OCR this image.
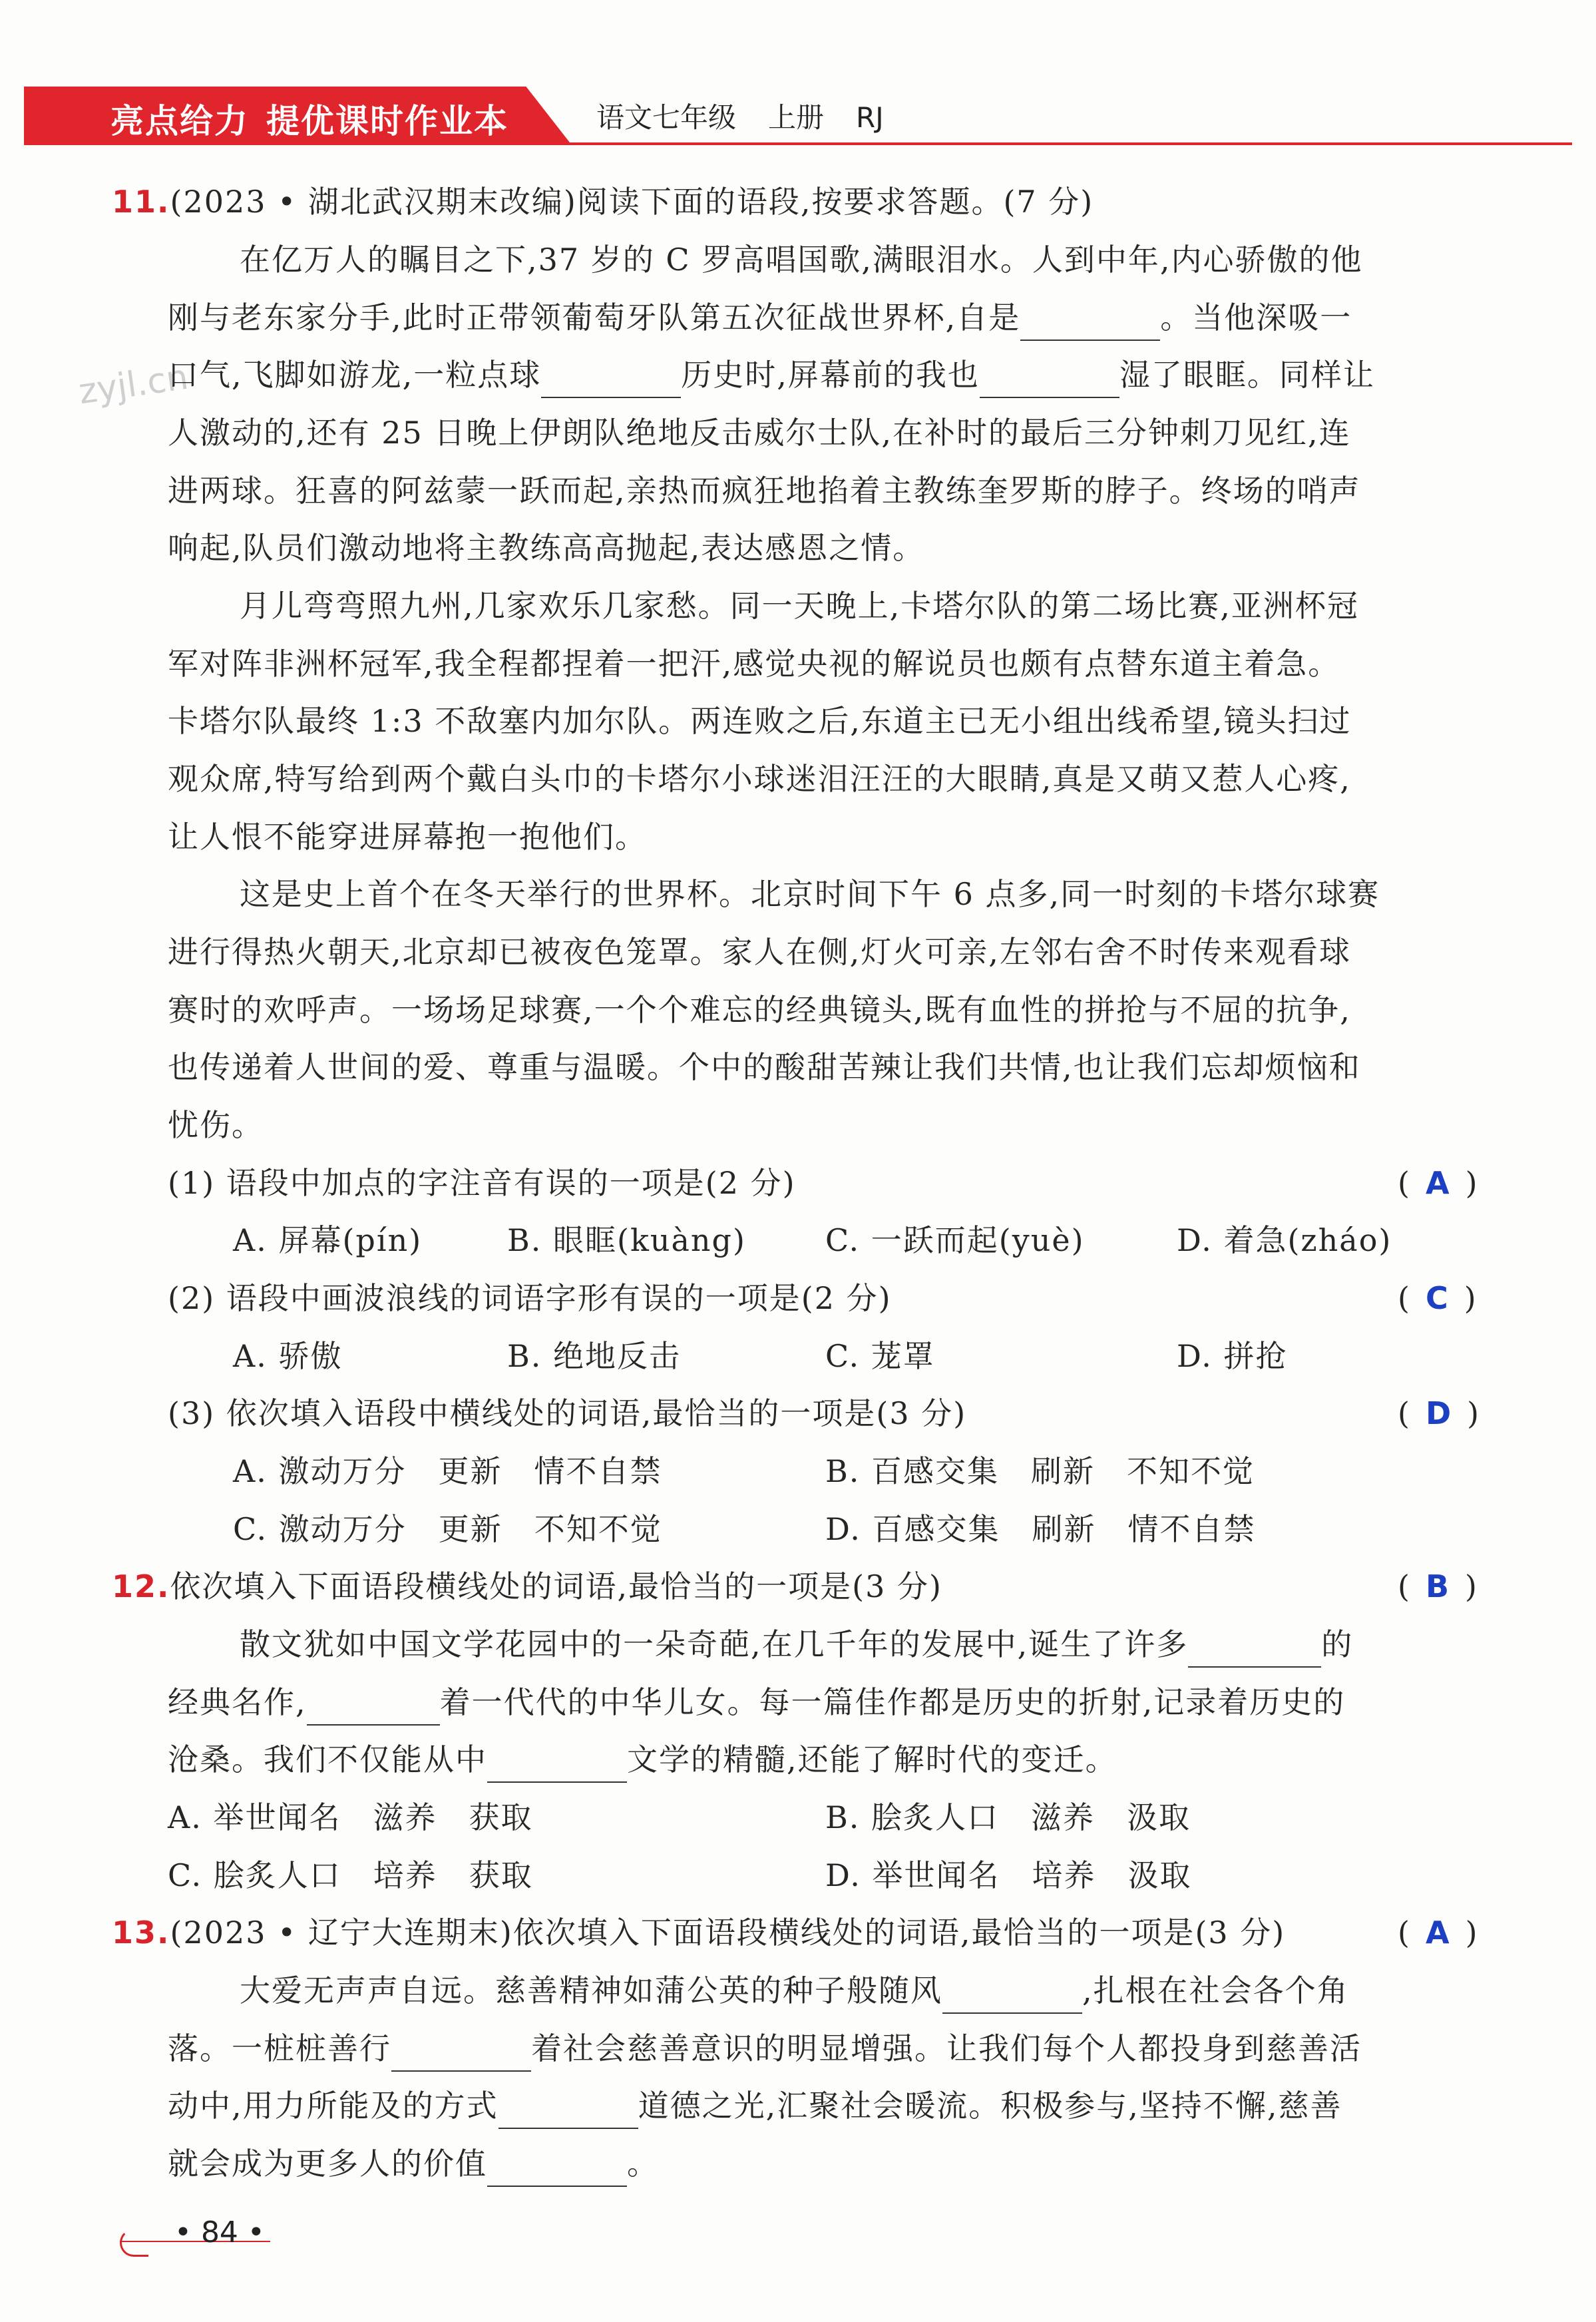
亮点给力 提优课时作业本	语文七年级 上册 RJ
zyjl.cn
11.(2023 • 湖北武汉期末改编)阅读下面的语段,按要求答题。(7 分)
在亿万人的瞩目之下,37 岁的 C 罗高唱国歌,满眼泪水。人到中年,内心骄傲的他
刚与老东家分手,此时正带领葡萄牙队第五次征战世界杯,自是	。当他深吸一
口气,飞脚如游龙,一粒点球	历史时,屏幕前的我也	湿了眼眶。同样让
人激动的,还有 25 日晚上伊朗队绝地反击威尔士队,在补时的最后三分钟刺刀见红,连
进两球。狂喜的阿兹蒙一跃而起,亲热而疯狂地掐着主教练奎罗斯的脖子。终场的哨声
响起,队员们激动地将主教练高高抛起,表达感恩之情。
月儿弯弯照九州,几家欢乐几家愁。同一天晚上,卡塔尔队的第二场比赛,亚洲杯冠
军对阵非洲杯冠军,我全程都捏着一把汗,感觉央视的解说员也颇有点替东道主着急。
卡塔尔队最终 1:3 不敌塞内加尔队。两连败之后,东道主已无小组出线希望,镜头扫过
观众席,特写给到两个戴白头巾的卡塔尔小球迷泪汪汪的大眼睛,真是又萌又惹人心疼,
让人恨不能穿进屏幕抱一抱他们。
这是史上首个在冬天举行的世界杯。北京时间下午 6 点多,同一时刻的卡塔尔球赛
进行得热火朝天,北京却已被夜色笼罩。家人在侧,灯火可亲,左邻右舍不时传来观看球
赛时的欢呼声。一场场足球赛,一个个难忘的经典镜头,既有血性的拼抢与不屈的抗争,
也传递着人世间的爱、尊重与温暖。个中的酸甜苦辣让我们共情,也让我们忘却烦恼和
忧伤。
(1) 语段中加点的字注音有误的一项是(2 分)	( A )
A. 屏幕(pín)	B. 眼眶(kuàng)	C. 一跃而起(yuè)	D. 着急(zháo)
(2) 语段中画波浪线的词语字形有误的一项是(2 分)	( C )
A. 骄傲	B. 绝地反击	C. 茏罩	D. 拼抢
(3) 依次填入语段中横线处的词语,最恰当的一项是(3 分)	( D )
A. 激动万分　更新　情不自禁	B. 百感交集　刷新　不知不觉
C. 激动万分　更新　不知不觉	D. 百感交集　刷新　情不自禁
12.依次填入下面语段横线处的词语,最恰当的一项是(3 分)	( B )
散文犹如中国文学花园中的一朵奇葩,在几千年的发展中,诞生了许多	的
经典名作,	着一代代的中华儿女。每一篇佳作都是历史的折射,记录着历史的
沧桑。我们不仅能从中	文学的精髓,还能了解时代的变迁。
A. 举世闻名　滋养　获取	B. 脍炙人口　滋养　汲取
C. 脍炙人口　培养　获取	D. 举世闻名　培养　汲取
13.(2023 • 辽宁大连期末)依次填入下面语段横线处的词语,最恰当的一项是(3 分)	( A )
大爱无声声自远。慈善精神如蒲公英的种子般随风	,扎根在社会各个角
落。一桩桩善行	着社会慈善意识的明显增强。让我们每个人都投身到慈善活
动中,用力所能及的方式	道德之光,汇聚社会暖流。积极参与,坚持不懈,慈善
就会成为更多人的价值	。
• 84 •
